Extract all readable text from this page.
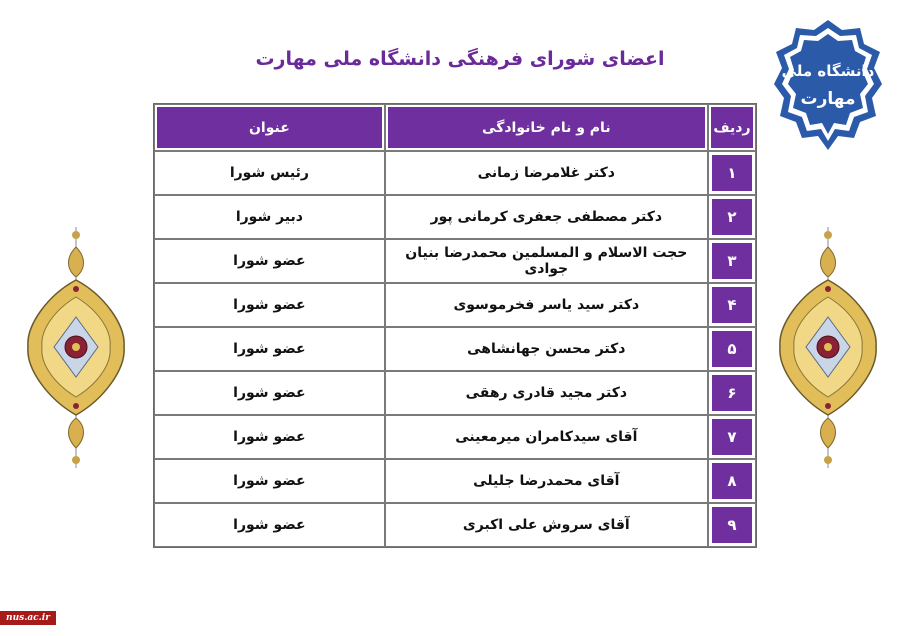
اعضای شورای فرهنگی دانشگاه ملی مهارت
دانشگاه ملی
مهارت
ردیف	نام و نام خانوادگی	عنوان
۱	دکتر غلامرضا زمانی	رئیس شورا
۲	دکتر مصطفی جعفری کرمانی پور	دبیر شورا
۳	حجت الاسلام و المسلمین محمدرضا بنیان جوادی	عضو شورا
۴	دکتر سید یاسر فخرموسوی	عضو شورا
۵	دکتر محسن جهانشاهی	عضو شورا
۶	دکتر مجید قادری رهقی	عضو شورا
۷	آقای سیدکامران میرمعینی	عضو شورا
۸	آقای محمدرضا جلیلی	عضو شورا
۹	آقای سروش علی اکبری	عضو شورا
nus.ac.ir
